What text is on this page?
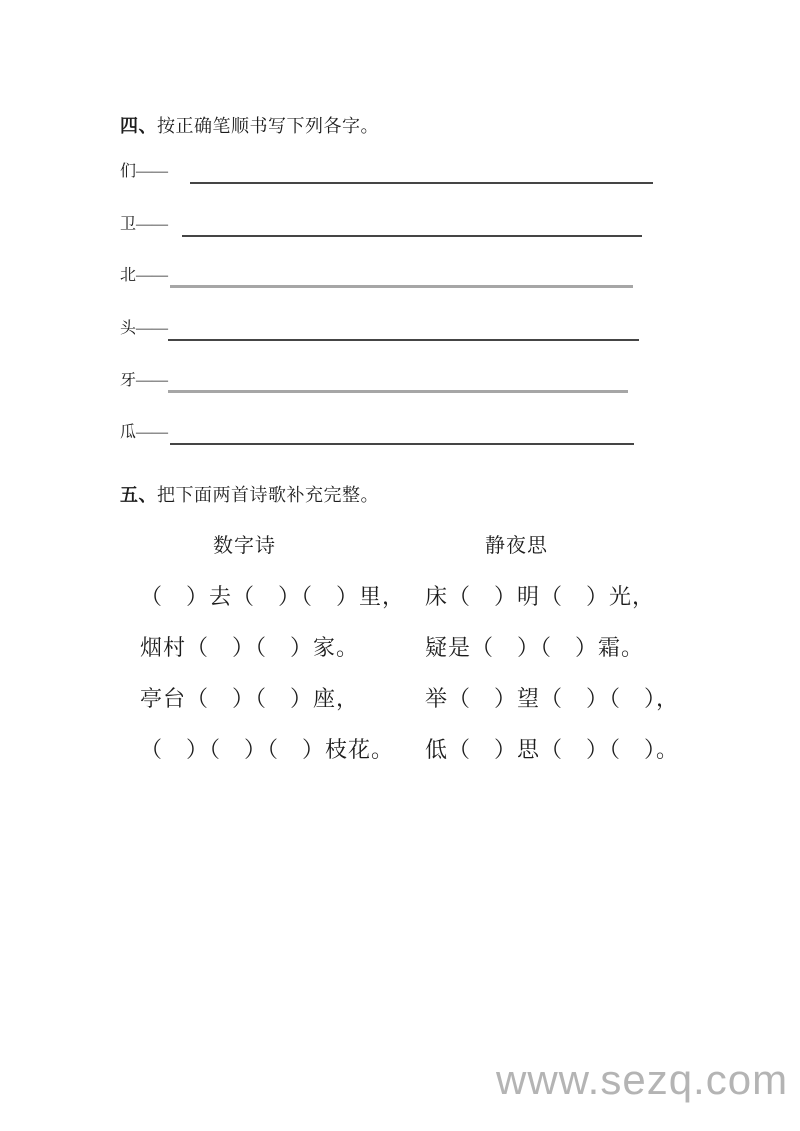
四、按正确笔顺书写下列各字。
们——
卫——
北——
头——
牙——
瓜——
五、把下面两首诗歌补充完整。
数字诗	静夜思
（　）去（　）（　）里，
烟村（　）（　）家。
亭台（　）（　）座，
（　）（　）（　）枝花。
床（　）明（　）光，
疑是（　）（　）霜。
举（　）望（　）（　），
低（　）思（　）（　）。
www.sezq.com
